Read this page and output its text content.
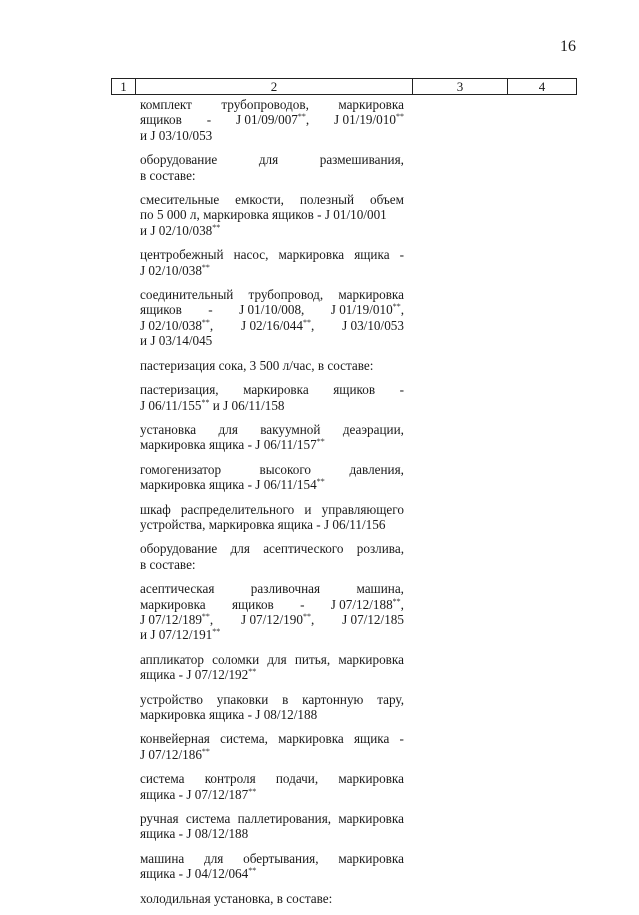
16
1	2	3	4
комплект трубопроводов, маркировка
ящиков - J 01/09/007**, J 01/19/010**
и J 03/10/053
оборудование	для	размешивания,
в составе:
смесительные емкости, полезный объем
по 5 000 л, маркировка ящиков - J 01/10/001
и J 02/10/038**
центробежный насос, маркировка ящика -
J 02/10/038**
соединительный трубопровод, маркировка
ящиков - J 01/10/008, J 01/19/010**,
J 02/10/038**, J 02/16/044**, J 03/10/053
и J 03/14/045
пастеризация сока, 3 500 л/час, в составе:
пастеризация, маркировка ящиков -
J 06/11/155** и J 06/11/158
установка для вакуумной деаэрации,
маркировка ящика - J 06/11/157**
гомогенизатор	высокого	давления,
маркировка ящика - J 06/11/154**
шкаф распределительного и управляющего
устройства, маркировка ящика - J 06/11/156
оборудование для асептического розлива,
в составе:
асептическая	разливочная	машина,
маркировка ящиков - J 07/12/188**,
J 07/12/189**, J 07/12/190**, J 07/12/185
и J 07/12/191**
аппликатор соломки для питья, маркировка
ящика - J 07/12/192**
устройство упаковки в картонную тару,
маркировка ящика - J 08/12/188
конвейерная система, маркировка ящика -
J 07/12/186**
система контроля подачи, маркировка
ящика - J 07/12/187**
ручная система паллетирования, маркировка
ящика - J 08/12/188
машина для обертывания, маркировка
ящика - J 04/12/064**
холодильная установка, в составе:
